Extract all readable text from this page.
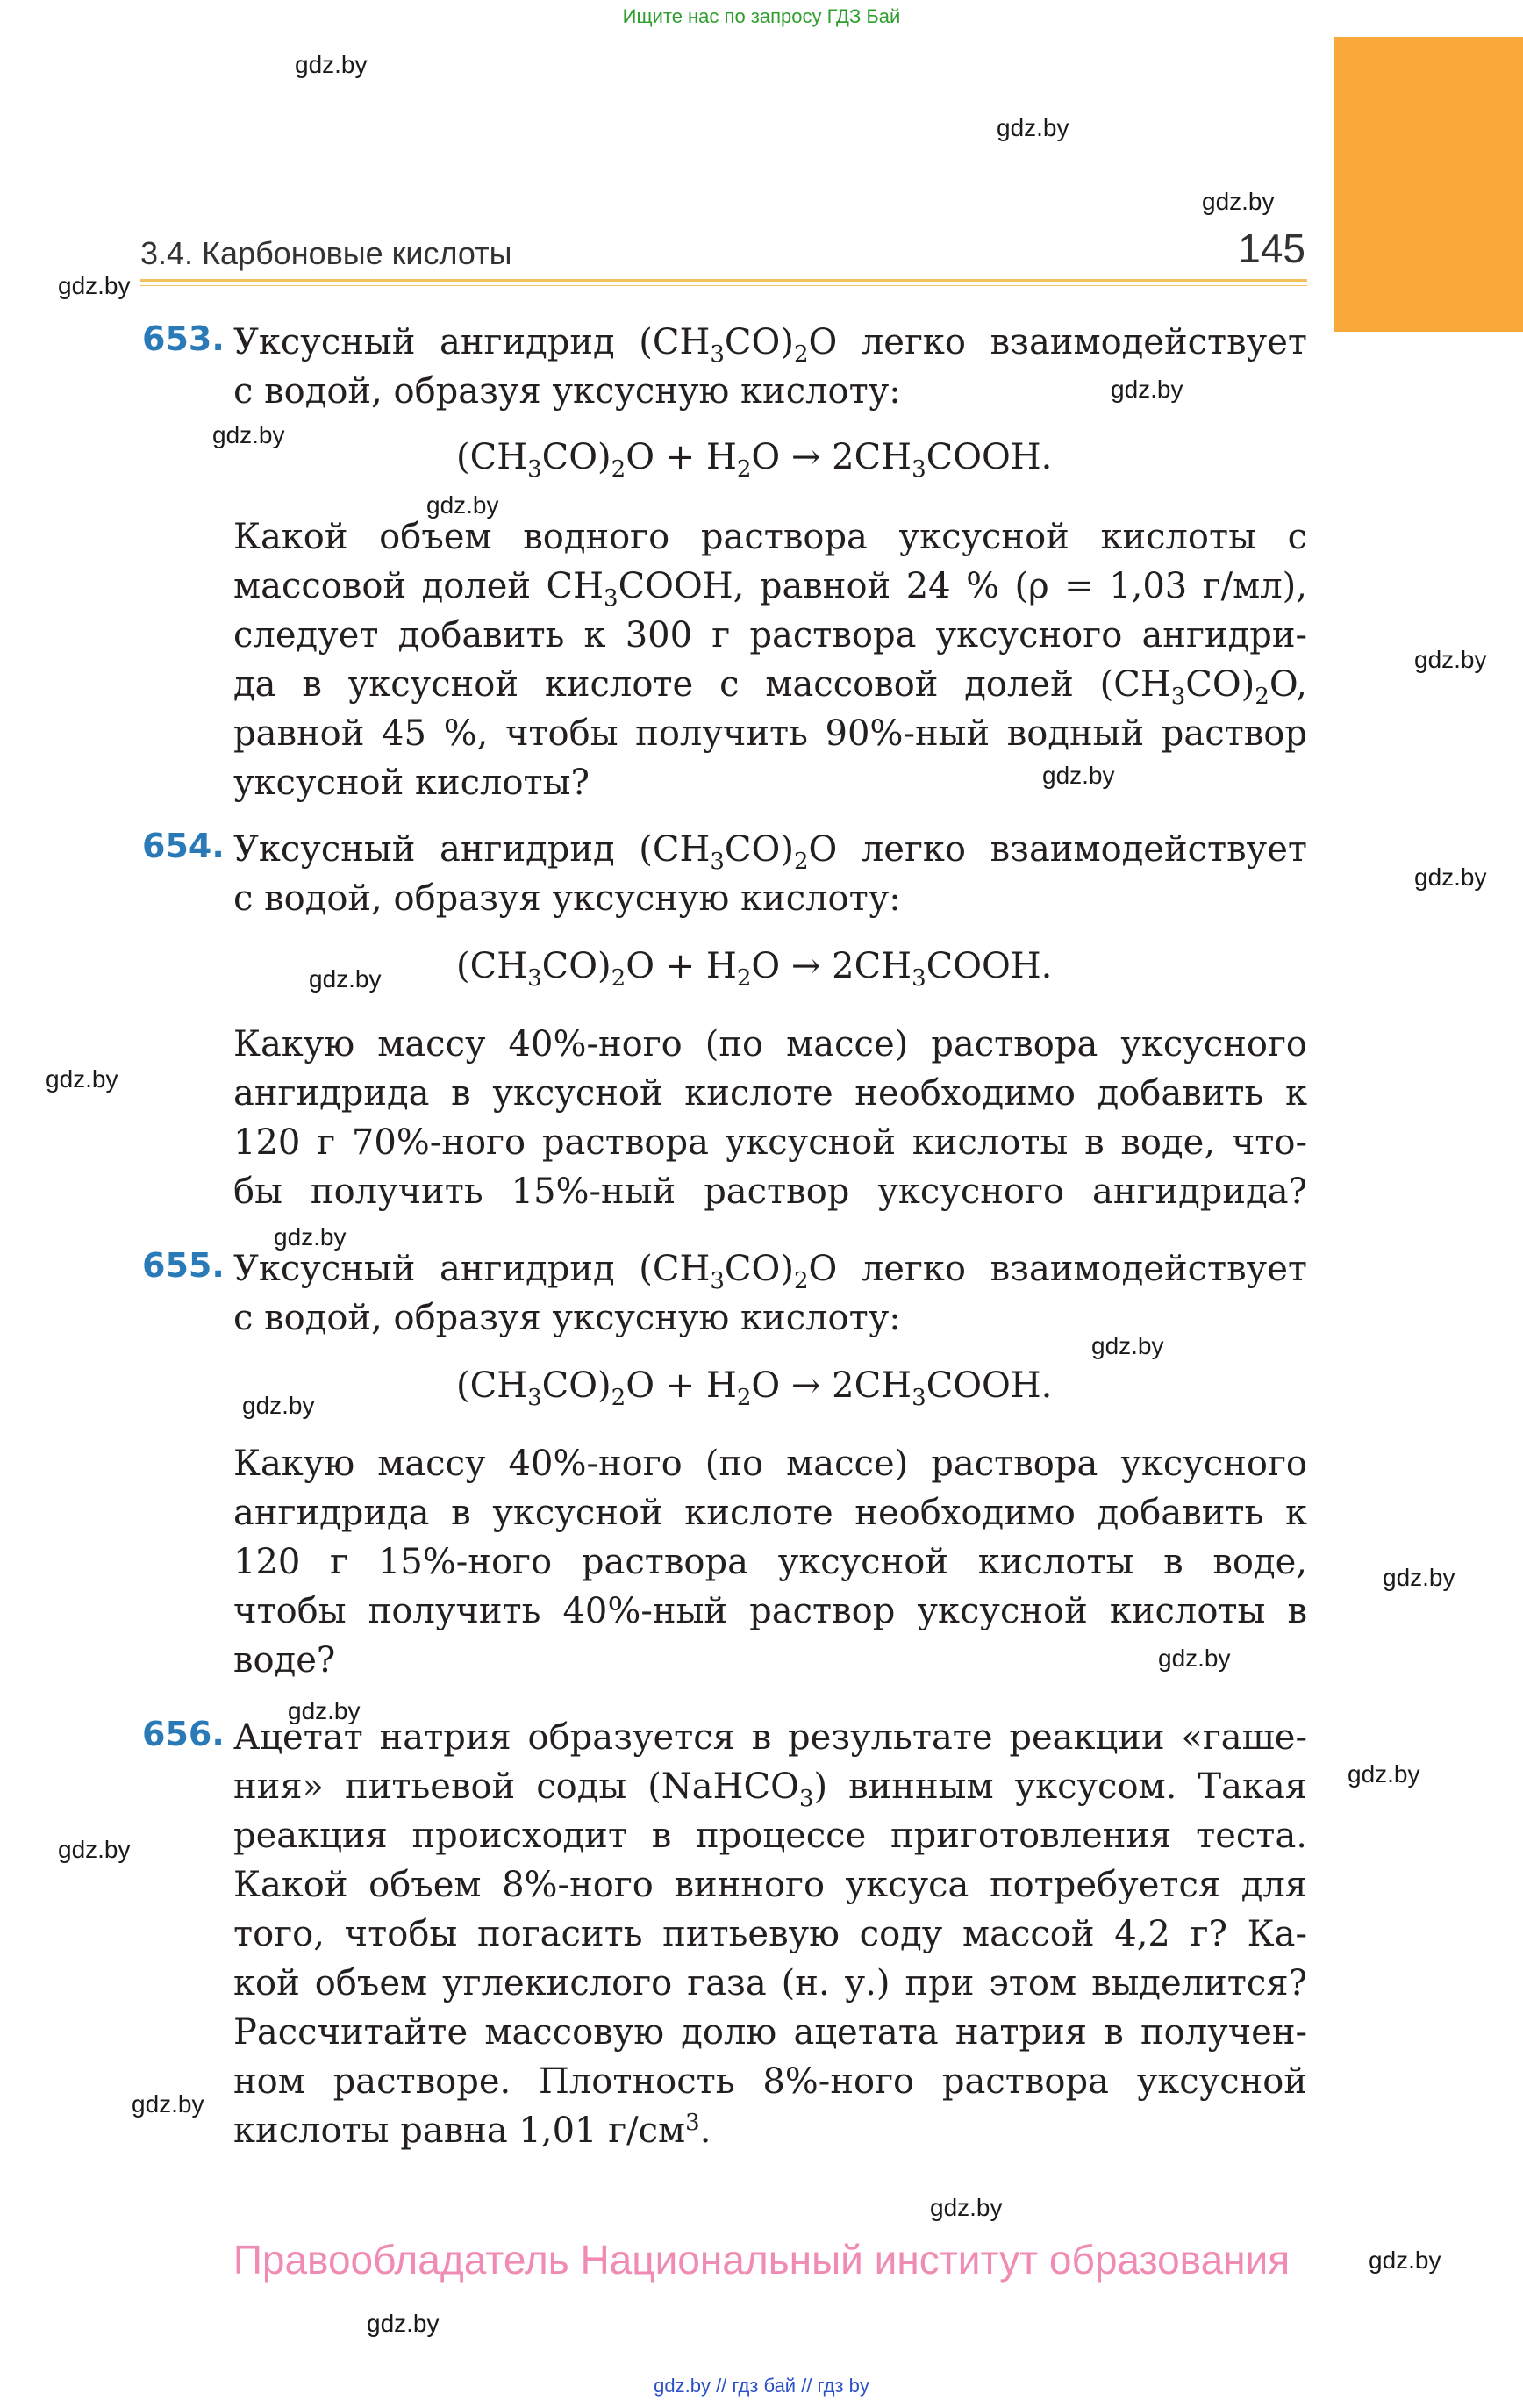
Ищите нас по запросу ГДЗ Бай
gdz.by
gdz.by
gdz.by
gdz.by
gdz.by
gdz.by
gdz.by
gdz.by
gdz.by
gdz.by
gdz.by
gdz.by
gdz.by
gdz.by
gdz.by
gdz.by
gdz.by
gdz.by
gdz.by
gdz.by
gdz.by
gdz.by
gdz.by
gdz.by
3.4. Карбоновые кислоты	145
653. Уксусный ангидрид $(CH_3CO)_2O$ легко взаимодействует
с водой, образуя уксусную кислоту:
$(CH_3CO)_2O + H_2O$ → $2CH_3COOH$.
Какой объем водного раствора уксусной кислоты с
массовой долей $CH_3COOH$, равной 24 % (ρ = 1,03 г/мл),
следует добавить к 300 г раствора уксусного ангидри-
да в уксусной кислоте с массовой долей $(CH_3CO)_2O$,
равной 45 %, чтобы получить 90%-ный водный раствор
уксусной кислоты?
654. Уксусный ангидрид $(CH_3CO)_2O$ легко взаимодействует
с водой, образуя уксусную кислоту:
$(CH_3CO)_2O + H_2O$ → $2CH_3COOH$.
Какую массу 40%-ного (по массе) раствора уксусного
ангидрида в уксусной кислоте необходимо добавить к
120 г 70%-ного раствора уксусной кислоты в воде, что-
бы получить 15%-ный раствор уксусного ангидрида?
655. Уксусный ангидрид $(CH_3CO)_2O$ легко взаимодействует
с водой, образуя уксусную кислоту:
$(CH_3CO)_2O + H_2O$ → $2CH_3COOH$.
Какую массу 40%-ного (по массе) раствора уксусного
ангидрида в уксусной кислоте необходимо добавить к
120 г 15%-ного раствора уксусной кислоты в воде,
чтобы получить 40%-ный раствор уксусной кислоты в
воде?
656. Ацетат натрия образуется в результате реакции «гаше-
ния» питьевой соды (NaHCO$_3$) винным уксусом. Такая
реакция происходит в процессе приготовления теста.
Какой объем 8%-ного винного уксуса потребуется для
того, чтобы погасить питьевую соду массой 4,2 г? Ка-
кой объем углекислого газа (н. у.) при этом выделится?
Рассчитайте массовую долю ацетата натрия в получен-
ном растворе. Плотность 8%-ного раствора уксусной
кислоты равна 1,01 $г/см^3$.
Правообладатель Национальный институт образования
gdz.by // гдз бай // гдз by
